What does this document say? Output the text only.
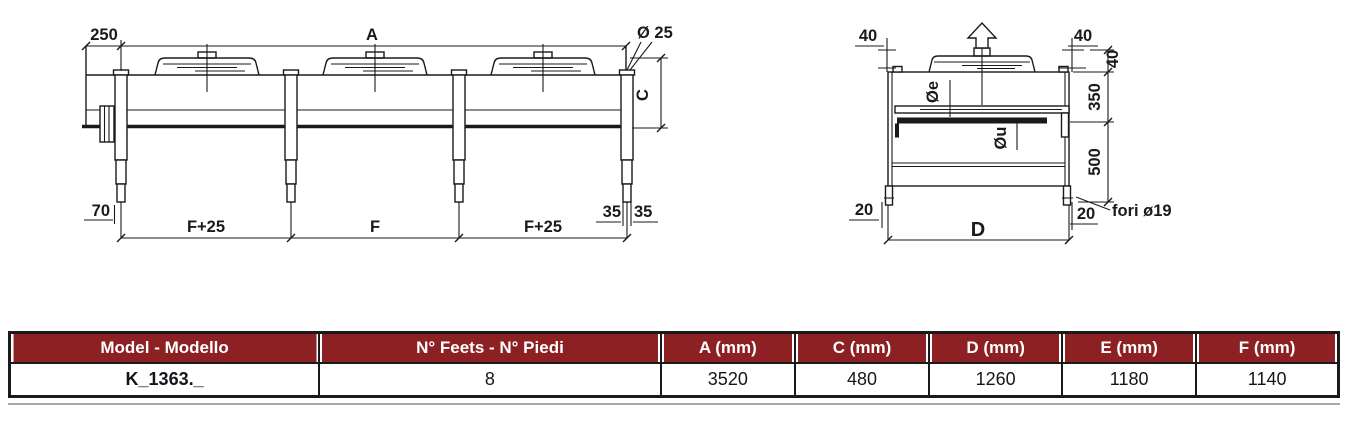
250	A	Ø 25
C
70	35 35
F+25	F	F+25
Øe
Øu
40	40
40
350
500
20	20 fori ø19
D
Model - Modello	N° Feets - N° Piedi	A (mm)	C (mm)	D (mm)	E (mm)	F (mm)
K_1363._	8	3520	480	1260	1180	1140
